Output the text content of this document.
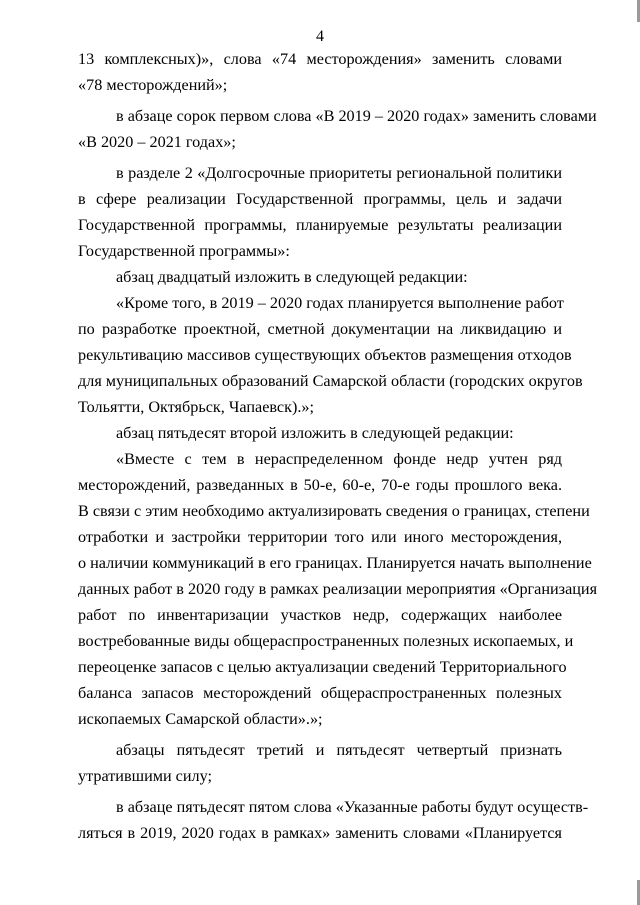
4
13 комплексных)», слова «74 месторождения» заменить словами
«78 месторождений»;
в абзаце сорок первом слова «В 2019 – 2020 годах» заменить словами
«В 2020 – 2021 годах»;
в разделе 2 «Долгосрочные приоритеты региональной политики
в сфере реализации Государственной программы, цель и задачи
Государственной программы, планируемые результаты реализации
Государственной программы»:
абзац двадцатый изложить в следующей редакции:
«Кроме того, в 2019 – 2020 годах планируется выполнение работ
по разработке проектной, сметной документации на ликвидацию и
рекультивацию массивов существующих объектов размещения отходов
для муниципальных образований Самарской области (городских округов
Тольятти, Октябрьск, Чапаевск).»;
абзац пятьдесят второй изложить в следующей редакции:
«Вместе с тем в нераспределенном фонде недр учтен ряд
месторождений, разведанных в 50-е, 60-е, 70-е годы прошлого века.
В связи с этим необходимо актуализировать сведения о границах, степени
отработки и застройки территории того или иного месторождения,
о наличии коммуникаций в его границах. Планируется начать выполнение
данных работ в 2020 году в рамках реализации мероприятия «Организация
работ по инвентаризации участков недр, содержащих наиболее
востребованные виды общераспространенных полезных ископаемых, и
переоценке запасов с целью актуализации сведений Территориального
баланса запасов месторождений общераспространенных полезных
ископаемых Самарской области».»;
абзацы пятьдесят третий и пятьдесят четвертый признать
утратившими силу;
в абзаце пятьдесят пятом слова «Указанные работы будут осуществ-
ляться в 2019, 2020 годах в рамках» заменить словами «Планируется
